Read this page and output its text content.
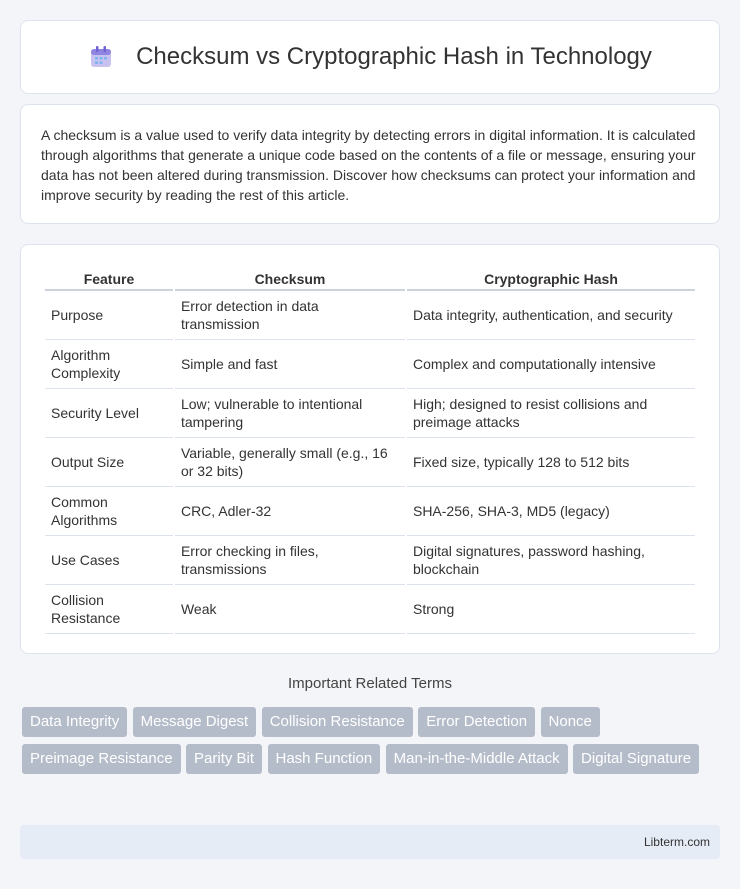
Checksum vs Cryptographic Hash in Technology

A checksum is a value used to verify data integrity by detecting errors in digital information. It is calculated through algorithms that generate a unique code based on the contents of a file or message, ensuring your data has not been altered during transmission. Discover how checksums can protect your information and improve security by reading the rest of this article.

Feature	Checksum	Cryptographic Hash
Purpose	Error detection in data transmission	Data integrity, authentication, and security
Algorithm Complexity	Simple and fast	Complex and computationally intensive
Security Level	Low; vulnerable to intentional tampering	High; designed to resist collisions and preimage attacks
Output Size	Variable, generally small (e.g., 16 or 32 bits)	Fixed size, typically 128 to 512 bits
Common Algorithms	CRC, Adler-32	SHA-256, SHA-3, MD5 (legacy)
Use Cases	Error checking in files, transmissions	Digital signatures, password hashing, blockchain
Collision Resistance	Weak	Strong
Important Related Terms
Data Integrity Message Digest Collision Resistance Error Detection Nonce Preimage Resistance Parity Bit Hash Function Man-in-the-Middle Attack Digital Signature
Libterm.com
